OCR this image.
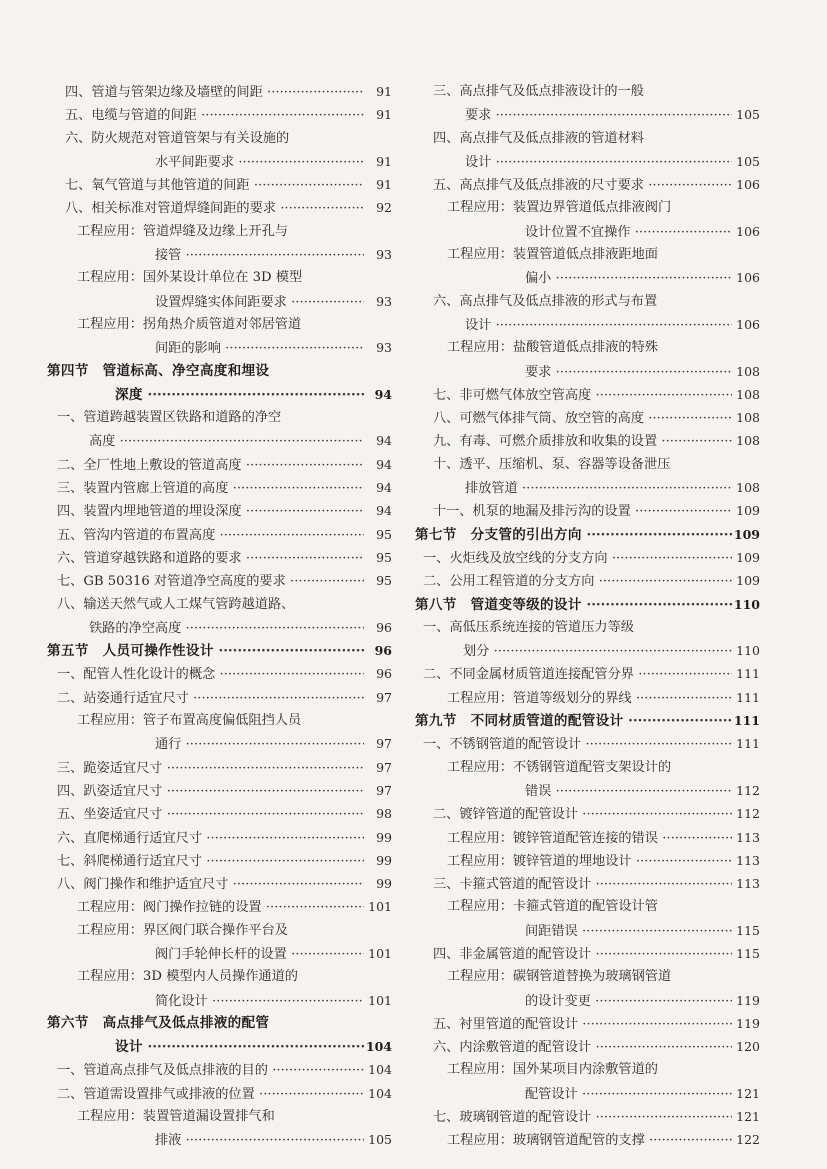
四、管道与管架边缘及墙壁的间距 ·····	91
五、电缆与管道的间距 ·····	91
六、防火规范对管道管架与有关设施的
水平间距要求 ·····	91
七、氧气管道与其他管道的间距 ·····	91
八、相关标准对管道焊缝间距的要求 ·····	92
工程应用：管道焊缝及边缘上开孔与
接管 ·····	93
工程应用：国外某设计单位在 3D 模型
设置焊缝实体间距要求 ·····	93
工程应用：拐角热介质管道对邻居管道
间距的影响 ·····	93
第四节　管道标高、净空高度和埋设
深度 ·····	94
一、管道跨越装置区铁路和道路的净空
高度 ·····	94
二、全厂性地上敷设的管道高度 ·····	94
三、装置内管廊上管道的高度 ·····	94
四、装置内埋地管道的埋设深度 ·····	94
五、管沟内管道的布置高度 ·····	95
六、管道穿越铁路和道路的要求 ·····	95
七、GB 50316 对管道净空高度的要求 ·····	95
八、输送天然气或人工煤气管跨越道路、
铁路的净空高度 ·····	96
第五节　人员可操作性设计 ·····	96
一、配管人性化设计的概念 ·····	96
二、站姿通行适宜尺寸 ·····	97
工程应用：管子布置高度偏低阻挡人员
通行 ·····	97
三、跪姿适宜尺寸 ·····	97
四、趴姿适宜尺寸 ·····	97
五、坐姿适宜尺寸 ·····	98
六、直爬梯通行适宜尺寸 ·····	99
七、斜爬梯通行适宜尺寸 ·····	99
八、阀门操作和维护适宜尺寸 ·····	99
工程应用：阀门操作拉链的设置 ·····	101
工程应用：界区阀门联合操作平台及
阀门手轮伸长杆的设置 ·····	101
工程应用：3D 模型内人员操作通道的
简化设计 ·····	101
第六节　高点排气及低点排液的配管
设计 ·····	104
一、管道高点排气及低点排液的目的 ·····	104
二、管道需设置排气或排液的位置 ·····	104
工程应用：装置管道漏设置排气和
排液 ·····	105
三、高点排气及低点排液设计的一般
要求 ·····	105
四、高点排气及低点排液的管道材料
设计 ·····	105
五、高点排气及低点排液的尺寸要求 ·····	106
工程应用：装置边界管道低点排液阀门
设计位置不宜操作 ·····	106
工程应用：装置管道低点排液距地面
偏小 ·····	106
六、高点排气及低点排液的形式与布置
设计 ·····	106
工程应用：盐酸管道低点排液的特殊
要求 ·····	108
七、非可燃气体放空管高度 ·····	108
八、可燃气体排气筒、放空管的高度 ·····	108
九、有毒、可燃介质排放和收集的设置 ·····	108
十、透平、压缩机、泵、容器等设备泄压
排放管道 ·····	108
十一、机泵的地漏及排污沟的设置 ·····	109
第七节　分支管的引出方向 ·····	109
一、火炬线及放空线的分支方向 ·····	109
二、公用工程管道的分支方向 ·····	109
第八节　管道变等级的设计 ·····	110
一、高低压系统连接的管道压力等级
划分 ·····	110
二、不同金属材质管道连接配管分界 ·····	111
工程应用：管道等级划分的界线 ·····	111
第九节　不同材质管道的配管设计 ·····	111
一、不锈钢管道的配管设计 ·····	111
工程应用：不锈钢管道配管支架设计的
错误 ·····	112
二、镀锌管道的配管设计 ·····	112
工程应用：镀锌管道配管连接的错误 ·····	113
工程应用：镀锌管道的埋地设计 ·····	113
三、卡箍式管道的配管设计 ·····	113
工程应用：卡箍式管道的配管设计管
间距错误 ·····	115
四、非金属管道的配管设计 ·····	115
工程应用：碳钢管道替换为玻璃钢管道
的设计变更 ·····	119
五、衬里管道的配管设计 ·····	119
六、内涂敷管道的配管设计 ·····	120
工程应用：国外某项目内涂敷管道的
配管设计 ·····	121
七、玻璃钢管道的配管设计 ·····	121
工程应用：玻璃钢管道配管的支撑 ·····	122
